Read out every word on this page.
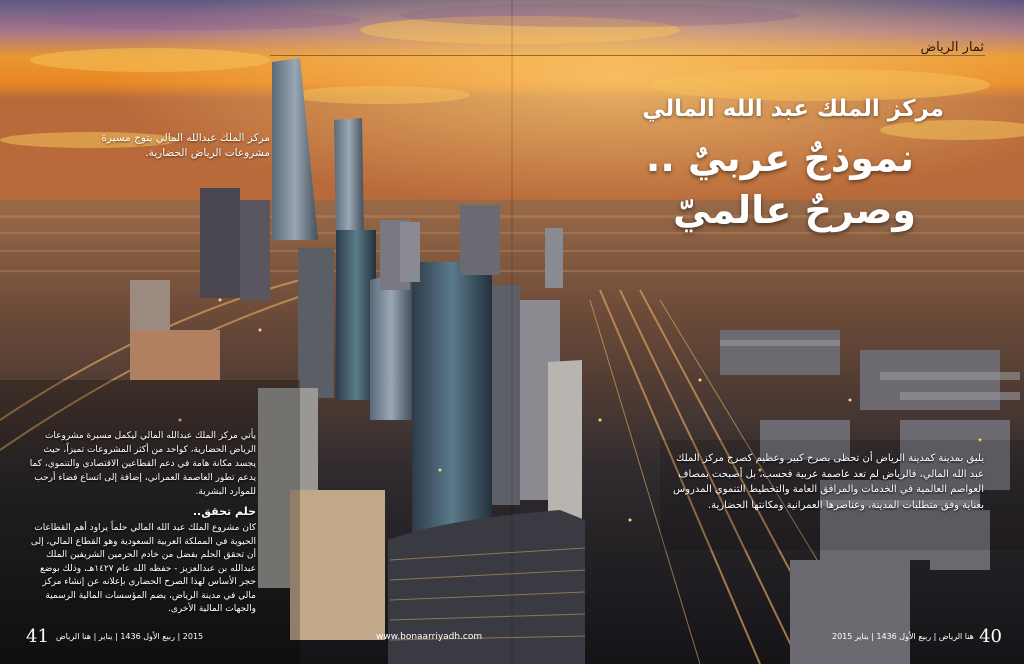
ثمار الرياض
مركز الملك عبد الله المالي
نموذجٌ عربيٌ ..
وصرحٌ عالميّ
مركز الملك عبدالله المالي يتوج مسيرة مشروعات الرياض الحضارية.
يليق بمدينة كمدينة الرياض أن تحظى بصرح كبير وعظيم كصرح مركز الملك عبد الله المالي، فالرياض لم تعد عاصمة عربية فحسب، بل أصبحت بمصاف العواصم العالمية في الخدمات والمرافق العامة والتخطيط التنموي المدروس بعناية وفق متطلبات المدينة، وعناصرها العمرانية ومكانتها الحضارية.
يأتي مركز الملك عبدالله المالي ليكمل مسيرة مشروعات الرياض الحضارية، كواحد من أكثر المشروعات تميزاً، حيث يجسد مكانة هامة في دعم القطاعين الاقتصادي والتنموي، كما يدعم تطور العاصمة العمراني، إضافة إلى اتساع فضاء أرحب للموارد البشرية.
حلم تحقق..
كان مشروع الملك عبد الله المالي حلماً يراود أهم القطاعات الحيوية في المملكة العربية السعودية وهو القطاع المالي، إلى أن تحقق الحلم بفضل من خادم الحرمين الشريفين الملك عبدالله بن عبدالعزيز - حفظه الله عام ١٤٢٧هـ، وذلك بوضع حجر الأساس لهذا الصرح الحضاري بإعلانه عن إنشاء مركز مالي في مدينة الرياض، يضم المؤسسات المالية الرسمية والجهات المالية الأخرى.
41 2015 | ربيع الأول 1436 | يناير | هنا الرياض	www.bonaarriyadh.com	هنا الرياض | ربيع الأول 1436 | يناير 2015 40
